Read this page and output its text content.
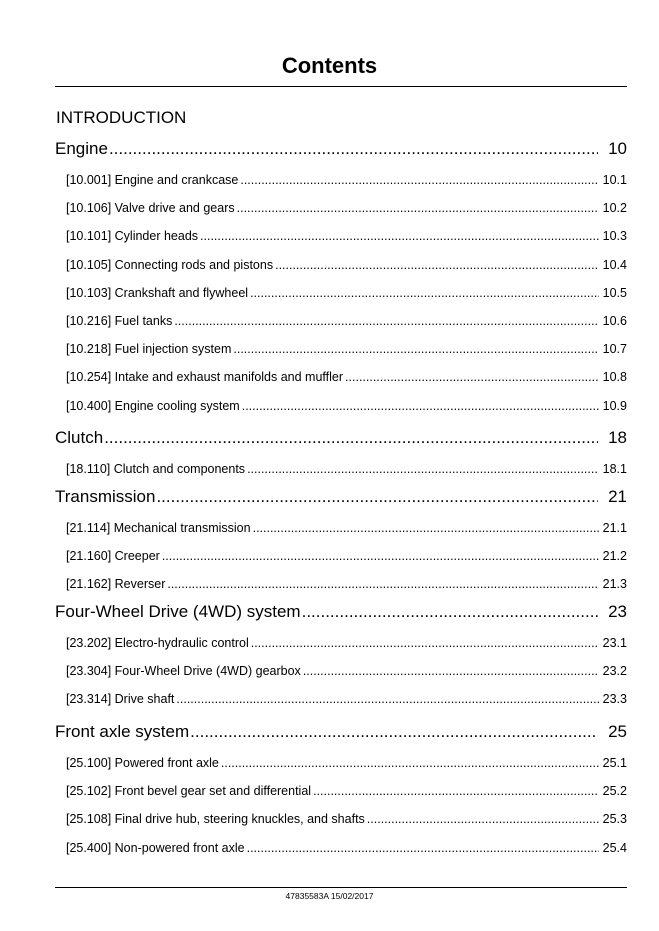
Contents
INTRODUCTION
Engine .....	10
[10.001] Engine and crankcase .....	10.1
[10.106] Valve drive and gears .....	10.2
[10.101] Cylinder heads .....	10.3
[10.105] Connecting rods and pistons .....	10.4
[10.103] Crankshaft and flywheel .....	10.5
[10.216] Fuel tanks .....	10.6
[10.218] Fuel injection system .....	10.7
[10.254] Intake and exhaust manifolds and muffler .....	10.8
[10.400] Engine cooling system .....	10.9
Clutch .....	18
[18.110] Clutch and components .....	18.1
Transmission .....	21
[21.114] Mechanical transmission .....	21.1
[21.160] Creeper .....	21.2
[21.162] Reverser .....	21.3
Four-Wheel Drive (4WD) system .....	23
[23.202] Electro-hydraulic control .....	23.1
[23.304] Four-Wheel Drive (4WD) gearbox .....	23.2
[23.314] Drive shaft .....	23.3
Front axle system .....	25
[25.100] Powered front axle .....	25.1
[25.102] Front bevel gear set and differential .....	25.2
[25.108] Final drive hub, steering knuckles, and shafts .....	25.3
[25.400] Non-powered front axle .....	25.4
47835583A 15/02/2017
